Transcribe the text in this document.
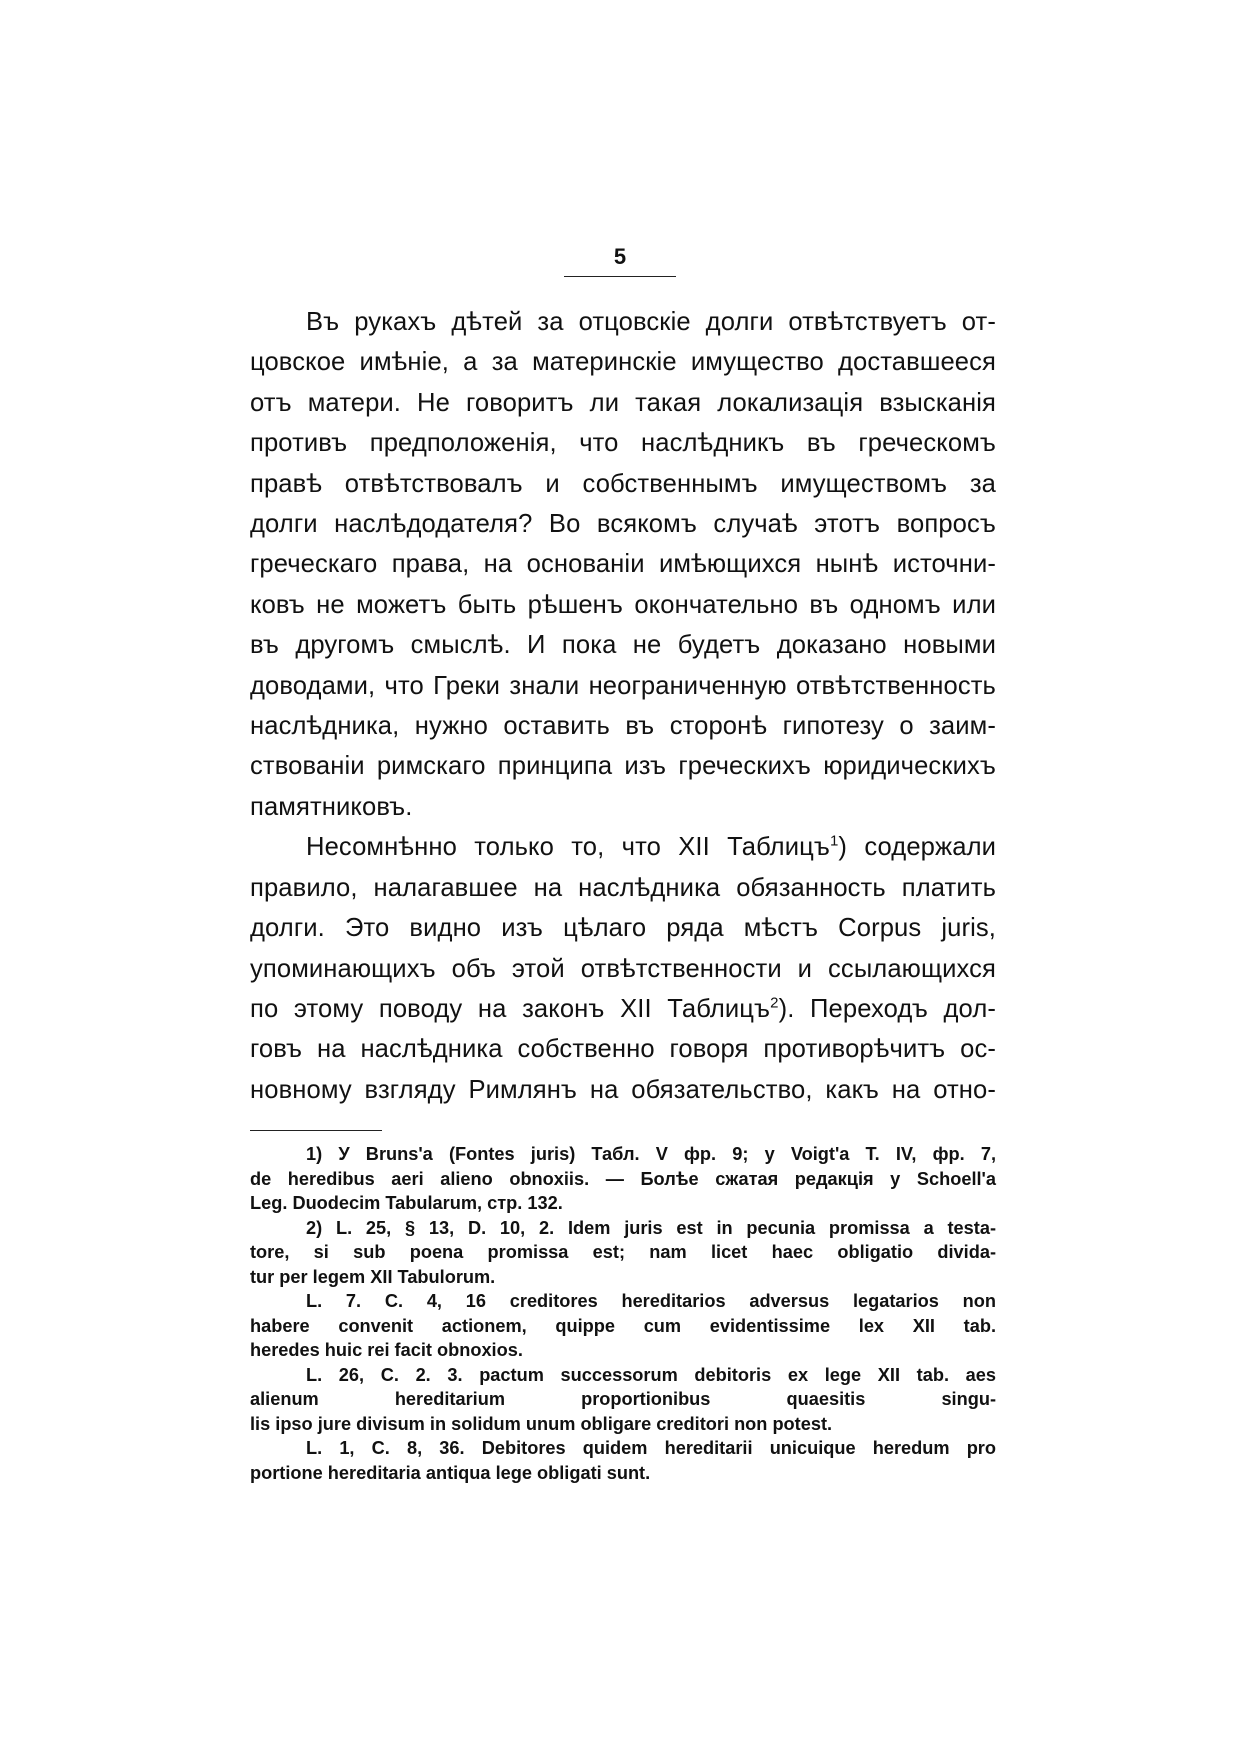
5
Въ рукахъ дѣтей за отцовскіе долги отвѣтствуетъ от-
цовское имѣніе, а за материнскіе имущество доставшееся
отъ матери. Не говоритъ ли такая локализація взысканія
противъ предположенія, что наслѣдникъ въ греческомъ
правѣ отвѣтствовалъ и собственнымъ имуществомъ за
долги наслѣдодателя? Во всякомъ случаѣ этотъ вопросъ
греческаго права, на основаніи имѣющихся нынѣ источни-
ковъ не можетъ быть рѣшенъ окончательно въ одномъ или
въ другомъ смыслѣ. И пока не будетъ доказано новыми
доводами, что Греки знали неограниченную отвѣтственность
наслѣдника, нужно оставить въ сторонѣ гипотезу о заим-
ствованіи римскаго принципа изъ греческихъ юридическихъ
памятниковъ.
Несомнѣнно только то, что XII Таблицъ$^1$) содержали
правило, налагавшее на наслѣдника обязанность платить
долги. Это видно изъ цѣлаго ряда мѣстъ Corpus juris,
упоминающихъ объ этой отвѣтственности и ссылающихся
по этому поводу на законъ XII Таблицъ$^2$). Переходъ дол-
говъ на наслѣдника собственно говоря противорѣчитъ ос-
новному взгляду Римлянъ на обязательство, какъ на отно-
1) У Bruns'a (Fontes juris) Табл. V фр. 9; у Voigt'a T. IV, фр. 7,
de heredibus aeri alieno obnoxiis. — Болѣе сжатая редакція у Schoell'a
Leg. Duodecim Tabularum, стр. 132.
2) L. 25, § 13, D. 10, 2. Idem juris est in pecunia promissa a testa-
tore, si sub poena promissa est; nam licet haec obligatio divida-
tur per legem XII Tabulorum.
L. 7. C. 4, 16 creditores hereditarios adversus legatarios non
habere convenit actionem, quippe cum evidentissime lex XII tab.
heredes huic rei facit obnoxios.
L. 26, C. 2. 3. pactum successorum debitoris ex lege XII tab. aes
alienum hereditarium proportionibus quaesitis singu-
lis ipso jure divisum in solidum unum obligare creditori non potest.
L. 1, C. 8, 36. Debitores quidem hereditarii unicuique heredum pro
portione hereditaria antiqua lege obligati sunt.
